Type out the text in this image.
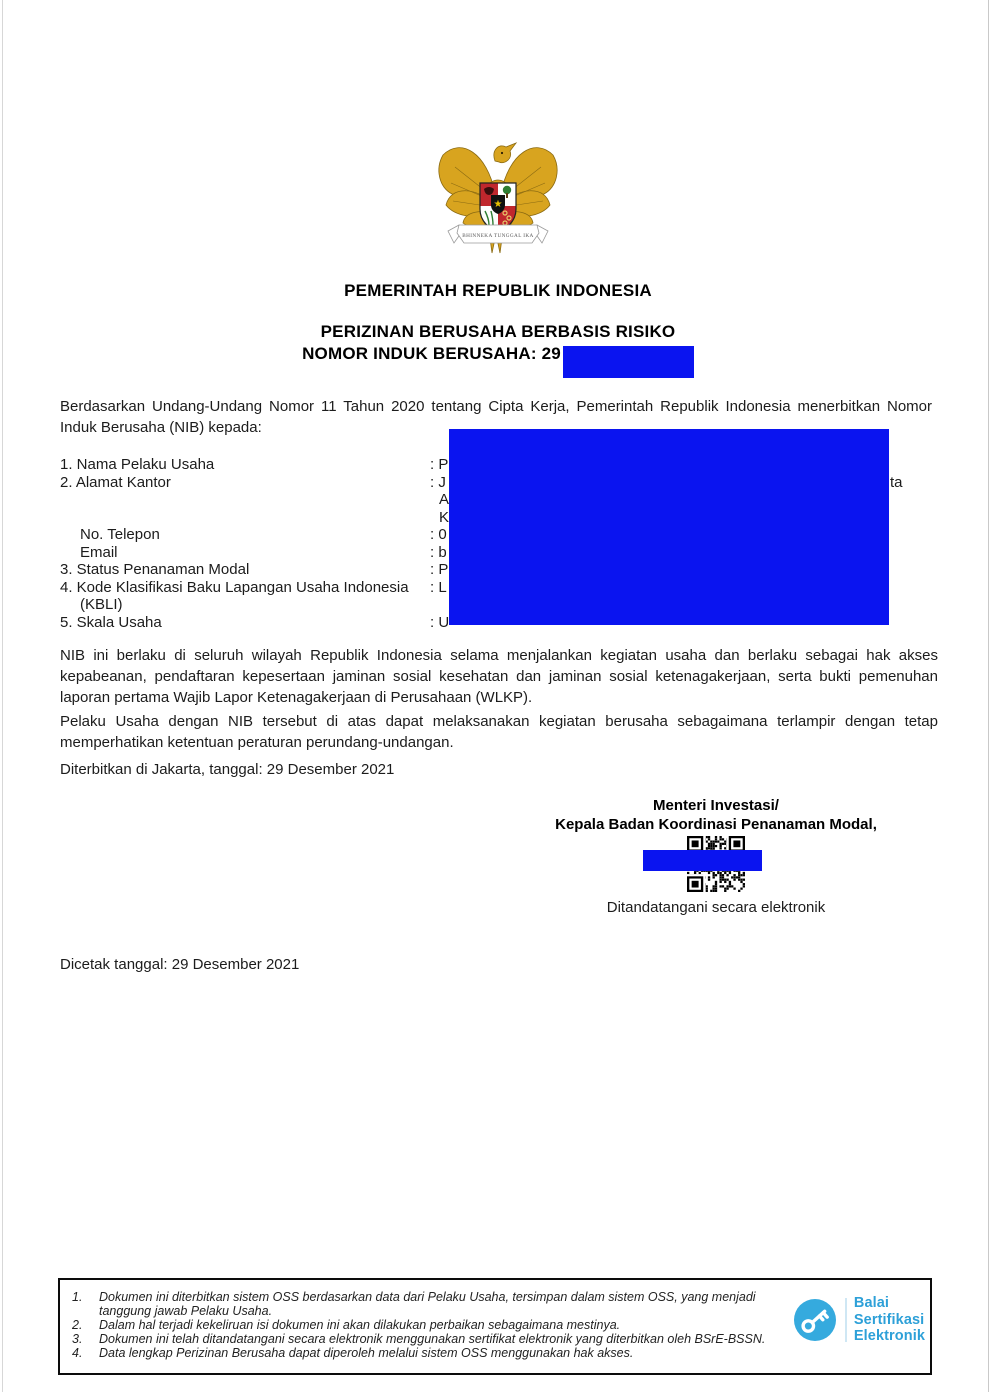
★
BHINNEKA TUNGGAL IKA
PEMERINTAH REPUBLIK INDONESIA
PERIZINAN BERUSAHA BERBASIS RISIKO
NOMOR INDUK BERUSAHA: 29
Berdasarkan Undang-Undang Nomor 11 Tahun 2020 tentang Cipta Kerja, Pemerintah Republik Indonesia menerbitkan Nomor Induk Berusaha (NIB) kepada:
1. Nama Pelaku Usaha	: P
2. Alamat Kantor	: J	ta
A
K
No. Telepon	: 0
Email	: b
3. Status Penanaman Modal	: P
4. Kode Klasifikasi Baku Lapangan Usaha Indonesia	: L
(KBLI)
5. Skala Usaha	: U
NIB ini berlaku di seluruh wilayah Republik Indonesia selama menjalankan kegiatan usaha dan berlaku sebagai hak akses kepabeanan, pendaftaran kepesertaan jaminan sosial kesehatan dan jaminan sosial ketenagakerjaan, serta bukti pemenuhan laporan pertama Wajib Lapor Ketenagakerjaan di Perusahaan (WLKP).
Pelaku Usaha dengan NIB tersebut di atas dapat melaksanakan kegiatan berusaha sebagaimana terlampir dengan tetap memperhatikan ketentuan peraturan perundang-undangan.
Diterbitkan di Jakarta, tanggal: 29 Desember 2021
Menteri Investasi/
Kepala Badan Koordinasi Penanaman Modal,
Ditandatangani secara elektronik
Dicetak tanggal: 29 Desember 2021
1.	Dokumen ini diterbitkan sistem OSS berdasarkan data dari Pelaku Usaha, tersimpan dalam sistem OSS, yang menjadi tanggung jawab Pelaku Usaha.
2.	Dalam hal terjadi kekeliruan isi dokumen ini akan dilakukan perbaikan sebagaimana mestinya.
3.	Dokumen ini telah ditandatangani secara elektronik menggunakan sertifikat elektronik yang diterbitkan oleh BSrE-BSSN.
4.	Data lengkap Perizinan Berusaha dapat diperoleh melalui sistem OSS menggunakan hak akses.
Balai
Sertifikasi
Elektronik
